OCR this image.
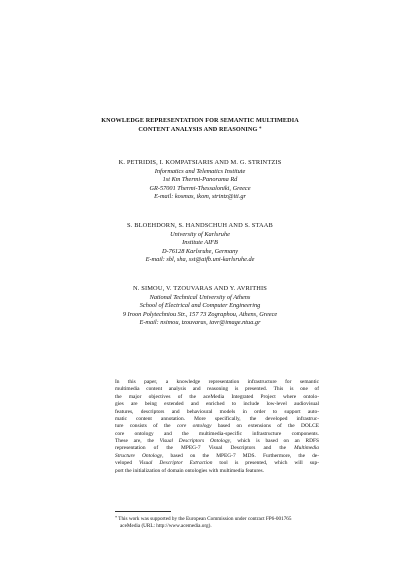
KNOWLEDGE REPRESENTATION FOR SEMANTIC MULTIMEDIA
CONTENT ANALYSIS AND REASONING *
K. PETRIDIS, I. KOMPATSIARIS AND M. G. STRINTZIS
Informatics and Telematics Institute
1st Km Thermi-Panorama Rd
GR-57001 Thermi-Thessaloniki, Greece
E-mail: kosmas, ikom, strintz@iti.gr
S. BLOEHDORN, S. HANDSCHUH AND S. STAAB
University of Karlsruhe
Institute AIFB
D-76128 Karlsruhe, Germany
E-mail: sbl, sha, sst@aifb.uni-karlsruhe.de
N. SIMOU, V. TZOUVARAS AND Y. AVRITHIS
National Technical University of Athens
School of Electrical and Computer Engineering
9 Iroon Polytechniou Str., 157 73 Zographou, Athens, Greece
E-mail: nsimou, tzouvaras, iavr@image.ntua.gr
In this paper, a knowledge representation infrastructure for semantic
multimedia content analysis and reasoning is presented. This is one of
the major objectives of the aceMedia Integrated Project where ontolo-
gies are being extended and enriched to include low-level audiovisual
features, descriptors and behavioural models in order to support auto-
matic content annotation. More specifically, the developed infrastruc-
ture consists of the core ontology based on extensions of the DOLCE
core ontology and the multimedia-specific infrastructure components.
These are, the Visual Descriptors Ontology, which is based on an RDFS
representation of the MPEG-7 Visual Descriptors and the Multimedia
Structure Ontology, based on the MPEG-7 MDS. Furthermore, the de-
veloped Visual Descriptor Extraction tool is presented, which will sup-
port the initialization of domain ontologies with multimedia features.
* This work was supported by the European Commission under contract FP6-001765
aceMedia (URL: http://www.acemedia.org).
